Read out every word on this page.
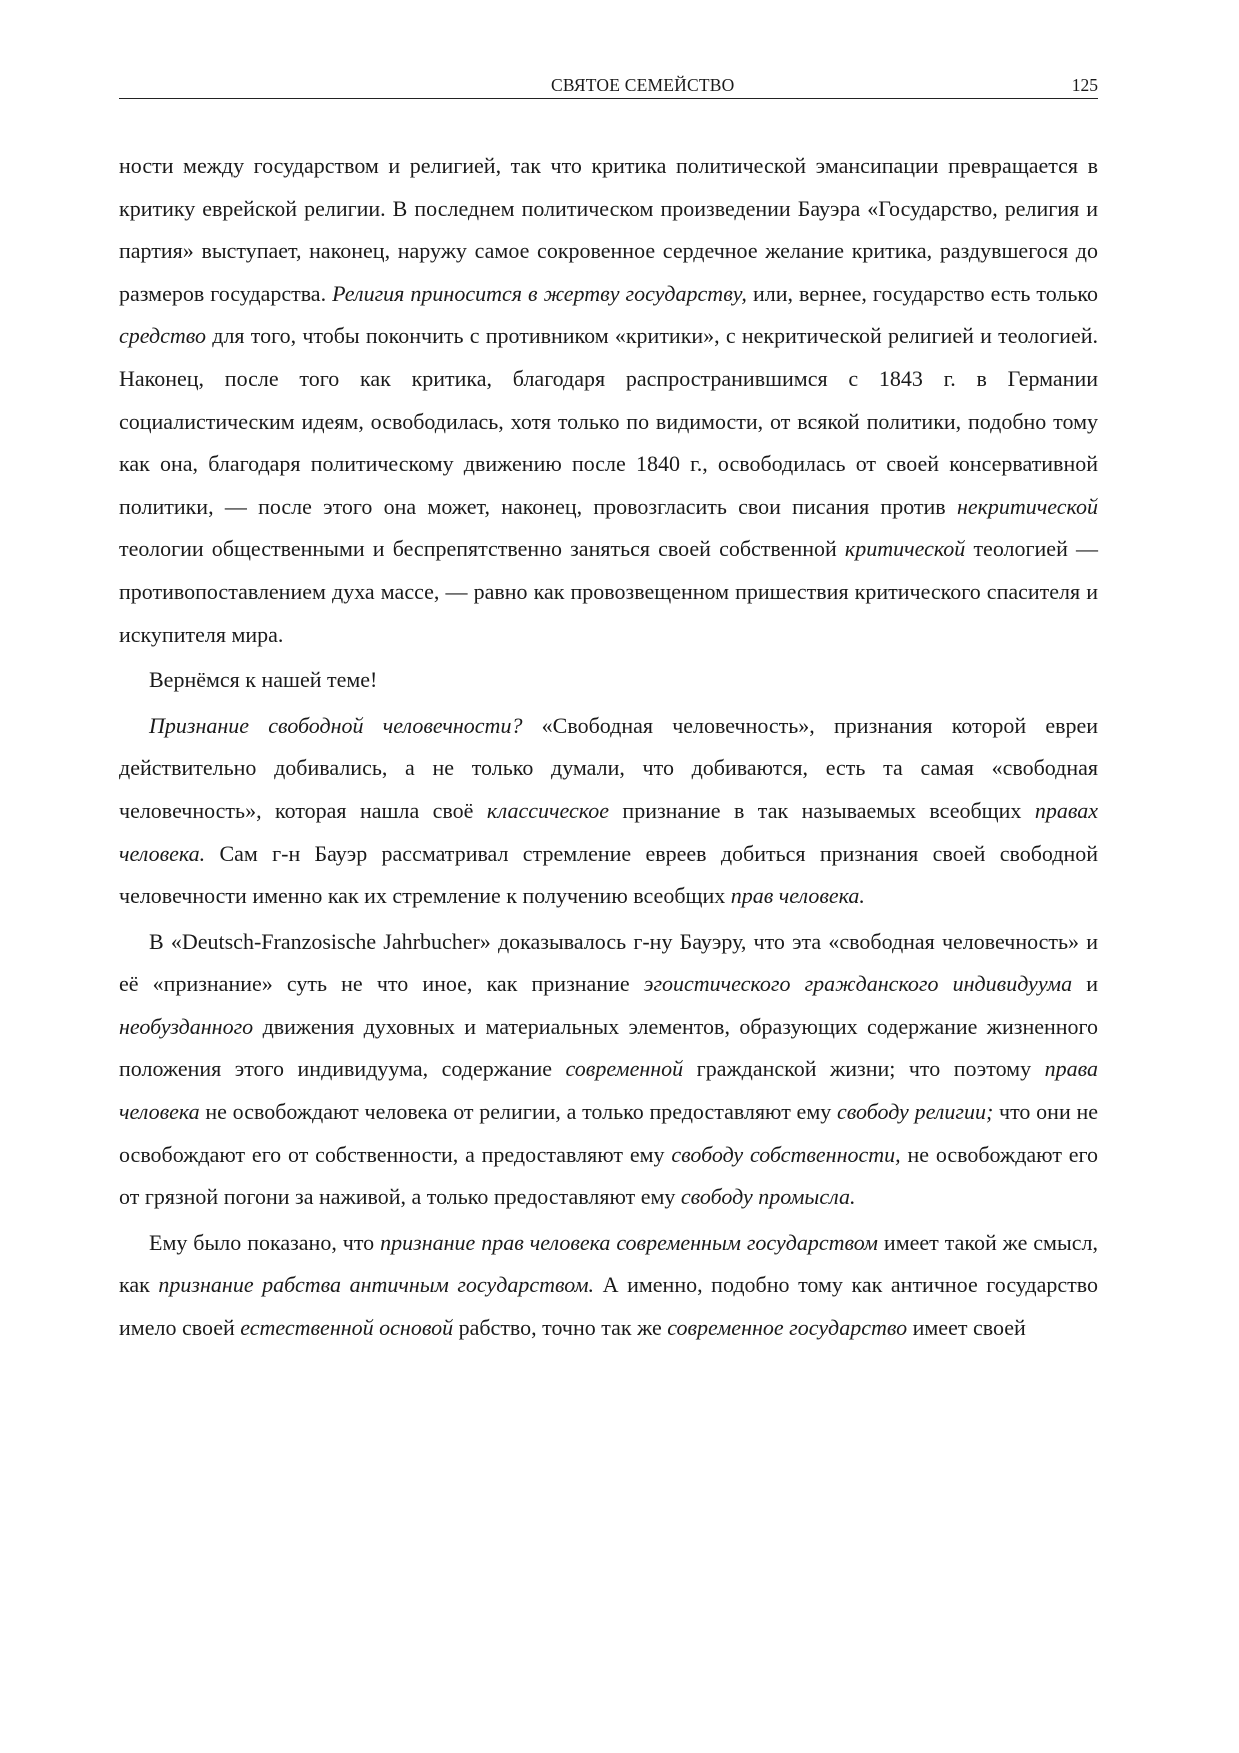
СВЯТОЕ СЕМЕЙСТВО	125

ности между государством и религией, так что критика политической эмансипации превращается в критику еврейской религии. В последнем политическом произведении Бауэра «Государство, религия и партия» выступает, наконец, наружу самое сокровенное сердечное желание критика, раздувшегося до размеров государства. Религия приносится в жертву государству, или, вернее, государство есть только средство для того, чтобы покончить с противником «критики», с некритической религией и теологией. Наконец, после того как критика, благодаря распространившимся с 1843 г. в Германии социалистическим идеям, освободилась, хотя только по видимости, от всякой политики, подобно тому как она, благодаря политическому движению после 1840 г., освободилась от своей консервативной политики, — после этого она может, наконец, провозгласить свои писания против некритической теологии общественными и беспрепятственно заняться своей собственной критической теологией — противопоставлением духа массе, — равно как провозвещенном пришествия критического спасителя и искупителя мира.

Вернёмся к нашей теме!

Признание свободной человечности? «Свободная человечность», признания которой евреи действительно добивались, а не только думали, что добиваются, есть та самая «свободная человечность», которая нашла своё классическое признание в так называемых всеобщих правах человека. Сам г-н Бауэр рассматривал стремление евреев добиться признания своей свободной человечности именно как их стремление к получению всеобщих прав человека.

В «Deutsch-Franzosische Jahrbucher» доказывалось г-ну Бауэру, что эта «свободная человечность» и её «признание» суть не что иное, как признание эгоистического гражданского индивидуума и необузданного движения духовных и материальных элементов, образующих содержание жизненного положения этого индивидуума, содержание современной гражданской жизни; что поэтому права человека не освобождают человека от религии, а только предоставляют ему свободу религии; что они не освобождают его от собственности, а предоставляют ему свободу собственности, не освобождают его от грязной погони за наживой, а только предоставляют ему свободу промысла.

Ему было показано, что признание прав человека современным государством имеет такой же смысл, как признание рабства античным государством. А именно, подобно тому как античное государство имело своей естественной основой рабство, точно так же современное государство имеет своей
